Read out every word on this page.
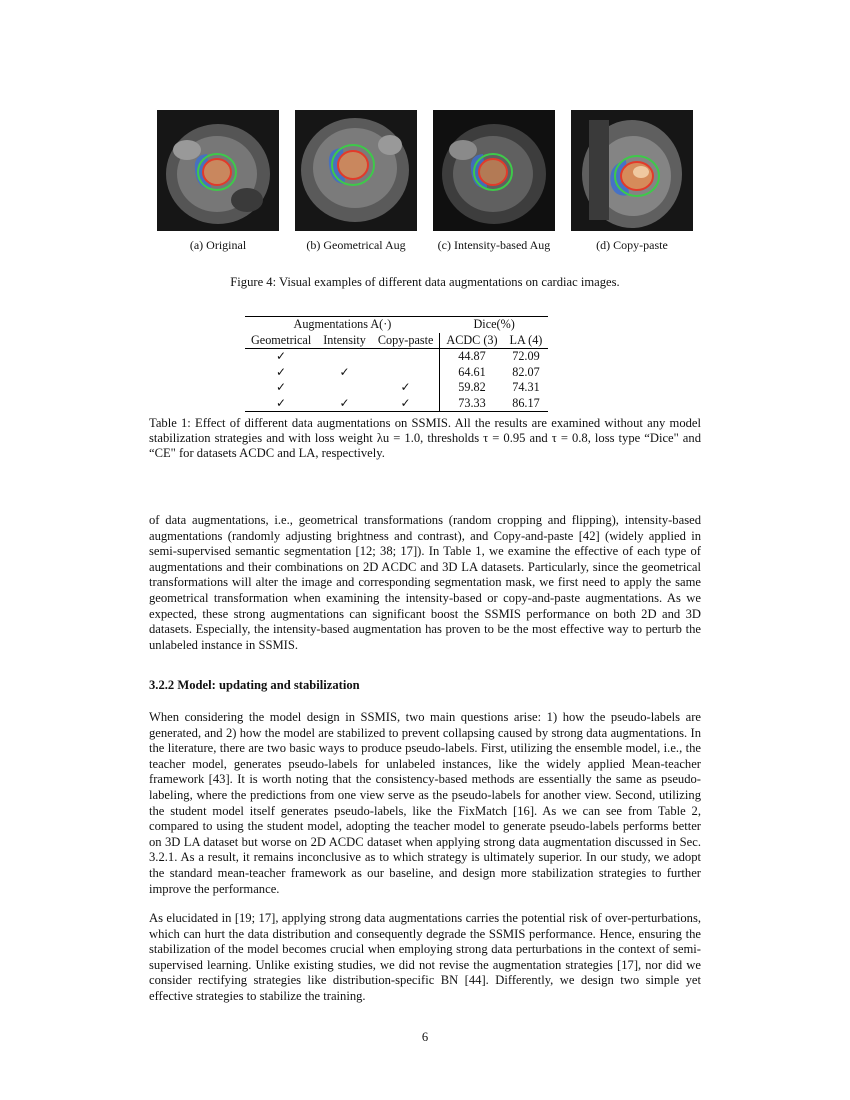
(a) Original	(b) Geometrical Aug	(c) Intensity-based Aug	(d) Copy-paste
Figure 4: Visual examples of different data augmentations on cardiac images.
Augmentations A(·)			Dice(%)	
Geometrical	Intensity	Copy-paste	ACDC (3)	LA (4)
✓			44.87	72.09
✓	✓		64.61	82.07
✓		✓	59.82	74.31
✓	✓	✓	73.33	86.17
Table 1: Effect of different data augmentations on SSMIS. All the results are examined without any model stabilization strategies and with loss weight λu = 1.0, thresholds τ = 0.95 and τ = 0.8, loss type “Dice" and “CE" for datasets ACDC and LA, respectively.
of data augmentations, i.e., geometrical transformations (random cropping and flipping), intensity-based augmentations (randomly adjusting brightness and contrast), and Copy-and-paste [42] (widely applied in semi-supervised semantic segmentation [12; 38; 17]). In Table 1, we examine the effective of each type of augmentations and their combinations on 2D ACDC and 3D LA datasets. Particularly, since the geometrical transformations will alter the image and corresponding segmentation mask, we first need to apply the same geometrical transformation when examining the intensity-based or copy-and-paste augmentations. As we expected, these strong augmentations can significant boost the SSMIS performance on both 2D and 3D datasets. Especially, the intensity-based augmentation has proven to be the most effective way to perturb the unlabeled instance in SSMIS.
3.2.2 Model: updating and stabilization
When considering the model design in SSMIS, two main questions arise: 1) how the pseudo-labels are generated, and 2) how the model are stabilized to prevent collapsing caused by strong data augmentations. In the literature, there are two basic ways to produce pseudo-labels. First, utilizing the ensemble model, i.e., the teacher model, generates pseudo-labels for unlabeled instances, like the widely applied Mean-teacher framework [43]. It is worth noting that the consistency-based methods are essentially the same as pseudo-labeling, where the predictions from one view serve as the pseudo-labels for another view. Second, utilizing the student model itself generates pseudo-labels, like the FixMatch [16]. As we can see from Table 2, compared to using the student model, adopting the teacher model to generate pseudo-labels performs better on 3D LA dataset but worse on 2D ACDC dataset when applying strong data augmentation discussed in Sec. 3.2.1. As a result, it remains inconclusive as to which strategy is ultimately superior. In our study, we adopt the standard mean-teacher framework as our baseline, and design more stabilization strategies to further improve the performance.
As elucidated in [19; 17], applying strong data augmentations carries the potential risk of over-perturbations, which can hurt the data distribution and consequently degrade the SSMIS performance. Hence, ensuring the stabilization of the model becomes crucial when employing strong data perturbations in the context of semi-supervised learning. Unlike existing studies, we did not revise the augmentation strategies [17], nor did we consider rectifying strategies like distribution-specific BN [44]. Differently, we design two simple yet effective strategies to stabilize the training.
6
